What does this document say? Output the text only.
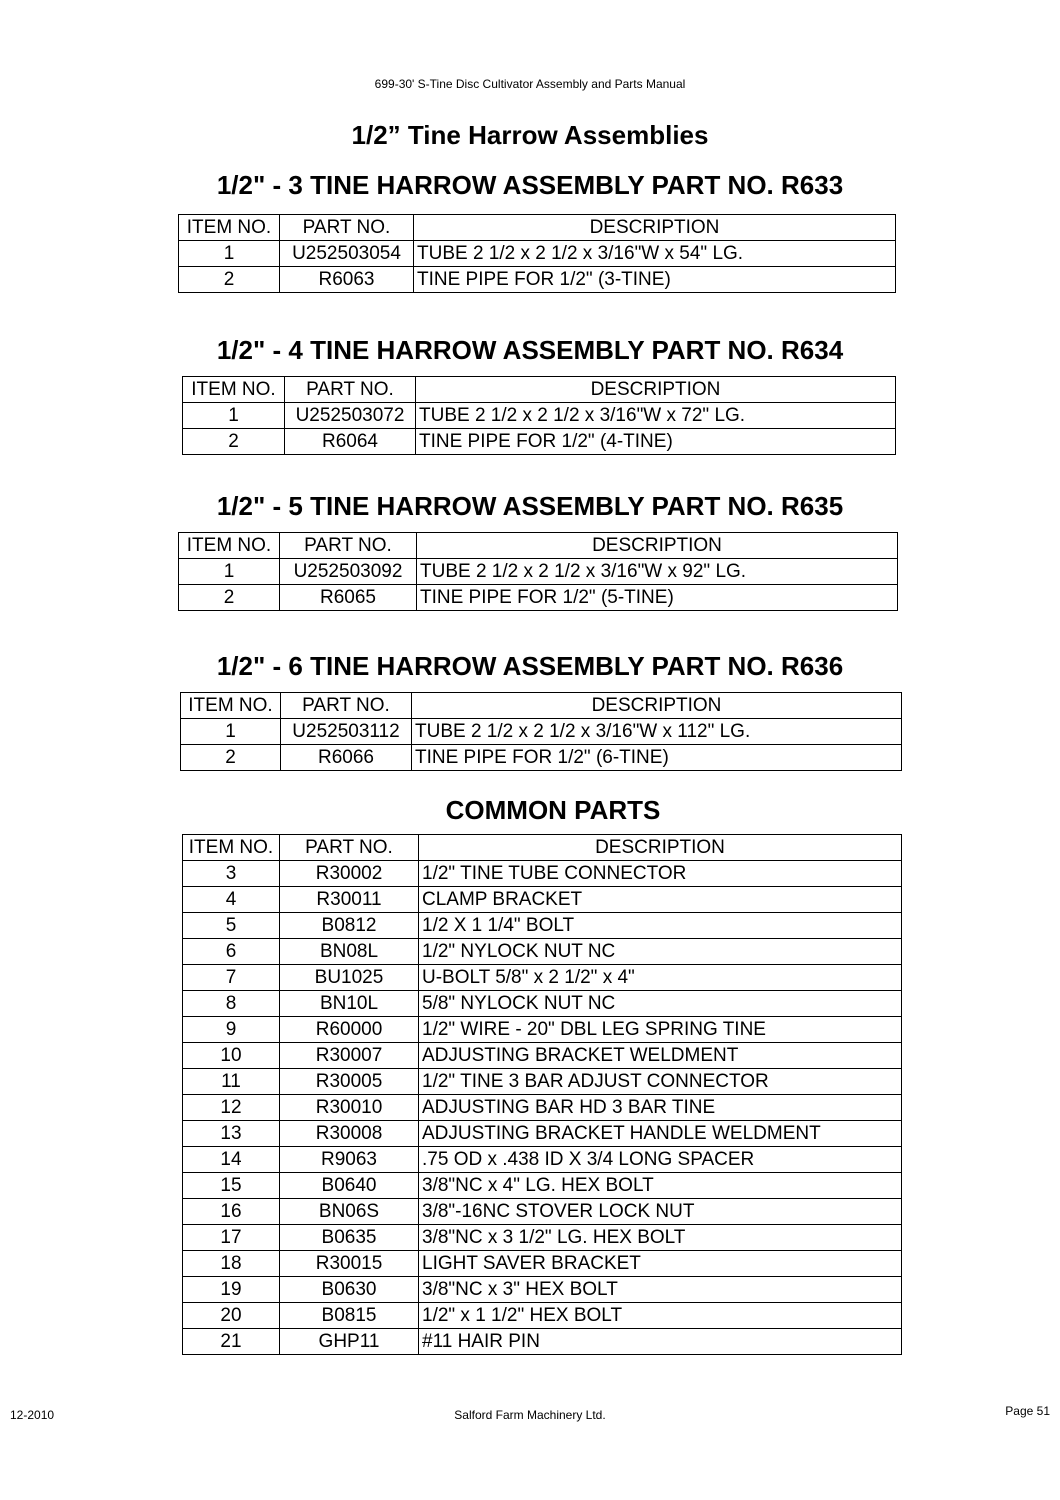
699-30' S-Tine Disc Cultivator Assembly and Parts Manual
1/2” Tine Harrow Assemblies
1/2" - 3 TINE HARROW ASSEMBLY PART NO. R633
ITEM NO.	PART NO.	DESCRIPTION
1	U252503054	TUBE 2 1/2 x 2 1/2 x 3/16"W x 54" LG.
2	R6063	TINE PIPE FOR 1/2" (3-TINE)
1/2" - 4 TINE HARROW ASSEMBLY PART NO. R634
ITEM NO.	PART NO.	DESCRIPTION
1	U252503072	TUBE 2 1/2 x 2 1/2 x 3/16"W x 72" LG.
2	R6064	TINE PIPE FOR 1/2" (4-TINE)
1/2" - 5 TINE HARROW ASSEMBLY PART NO. R635
ITEM NO.	PART NO.	DESCRIPTION
1	U252503092	TUBE 2 1/2 x 2 1/2 x 3/16"W x 92" LG.
2	R6065	TINE PIPE FOR 1/2" (5-TINE)
1/2" - 6 TINE HARROW ASSEMBLY PART NO. R636
ITEM NO.	PART NO.	DESCRIPTION
1	U252503112	TUBE 2 1/2 x 2 1/2 x 3/16"W x 112" LG.
2	R6066	TINE PIPE FOR 1/2" (6-TINE)
COMMON PARTS
ITEM NO.	PART NO.	DESCRIPTION
3	R30002	1/2" TINE TUBE CONNECTOR
4	R30011	CLAMP BRACKET
5	B0812	1/2 X 1 1/4" BOLT
6	BN08L	1/2" NYLOCK NUT NC
7	BU1025	U-BOLT 5/8" x 2 1/2" x 4"
8	BN10L	5/8" NYLOCK NUT NC
9	R60000	1/2" WIRE - 20" DBL LEG SPRING TINE
10	R30007	ADJUSTING BRACKET WELDMENT
11	R30005	1/2" TINE 3 BAR ADJUST CONNECTOR
12	R30010	ADJUSTING BAR HD 3 BAR TINE
13	R30008	ADJUSTING BRACKET HANDLE WELDMENT
14	R9063	.75 OD x .438 ID X 3/4 LONG SPACER
15	B0640	3/8"NC x 4" LG. HEX BOLT
16	BN06S	3/8"-16NC STOVER LOCK NUT
17	B0635	3/8"NC x 3 1/2" LG. HEX BOLT
18	R30015	LIGHT SAVER BRACKET
19	B0630	3/8"NC x 3" HEX BOLT
20	B0815	1/2" x 1 1/2" HEX BOLT
21	GHP11	#11 HAIR PIN
12-2010	Salford Farm Machinery Ltd.	Page 51
